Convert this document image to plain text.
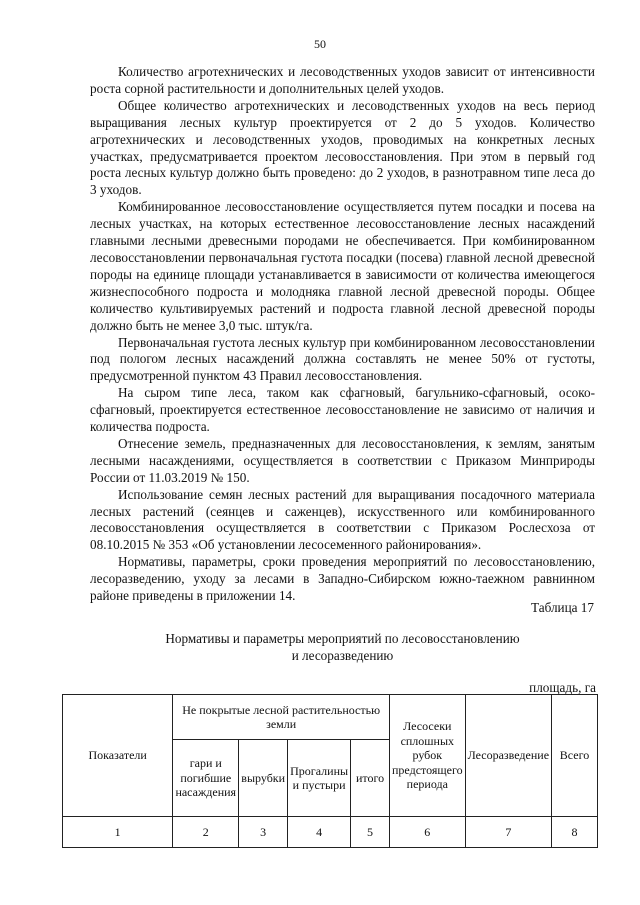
50

Количество агротехнических и лесоводственных уходов зависит от интенсивности роста сорной растительности и дополнительных целей уходов.

Общее количество агротехнических и лесоводственных уходов на весь период выращивания лесных культур проектируется от 2 до 5 уходов. Количество агротехнических и лесоводственных уходов, проводимых на конкретных лесных участках, предусматривается проектом лесовосстановления. При этом в первый год роста лесных культур должно быть проведено: до 2 уходов, в разнотравном типе леса до 3 уходов.

Комбинированное лесовосстановление осуществляется путем посадки и посева на лесных участках, на которых естественное лесовосстановление лесных насаждений главными лесными древесными породами не обеспечивается. При комбинированном лесовосстановлении первоначальная густота посадки (посева) главной лесной древесной породы на единице площади устанавливается в зависимости от количества имеющегося жизнеспособного подроста и молодняка главной лесной древесной породы. Общее количество культивируемых растений и подроста главной лесной древесной породы должно быть не менее 3,0 тыс. штук/га.

Первоначальная густота лесных культур при комбинированном лесовосстановлении под пологом лесных насаждений должна составлять не менее 50% от густоты, предусмотренной пунктом 43 Правил лесовосстановления.

На сыром типе леса, таком как сфагновый, багульнико-сфагновый, осоко-сфагновый, проектируется естественное лесовосстановление не зависимо от наличия и количества подроста.

Отнесение земель, предназначенных для лесовосстановления, к землям, занятым лесными насаждениями, осуществляется в соответствии с Приказом Минприроды России от 11.03.2019 № 150.

Использование семян лесных растений для выращивания посадочного материала лесных растений (сеянцев и саженцев), искусственного или комбинированного лесовосстановления осуществляется в соответствии с Приказом Рослесхоза от 08.10.2015 № 353 «Об установлении лесосеменного районирования».

Нормативы, параметры, сроки проведения мероприятий по лесовосстановлению, лесоразведению, уходу за лесами в Западно-Сибирском южно-таежном равнинном районе приведены в приложении 14.

Таблица 17
Нормативы и параметры мероприятий по лесовосстановлению
и лесоразведению
площадь, га
Показатели	Не покрытые лесной растительностью земли				Лесосеки сплошных рубок предстоящего периода	Лесоразведение	Всего
	гари и погибшие насаждения	вырубки	Прогалины и пустыри	итого			
1	2	3	4	5	6	7	8
